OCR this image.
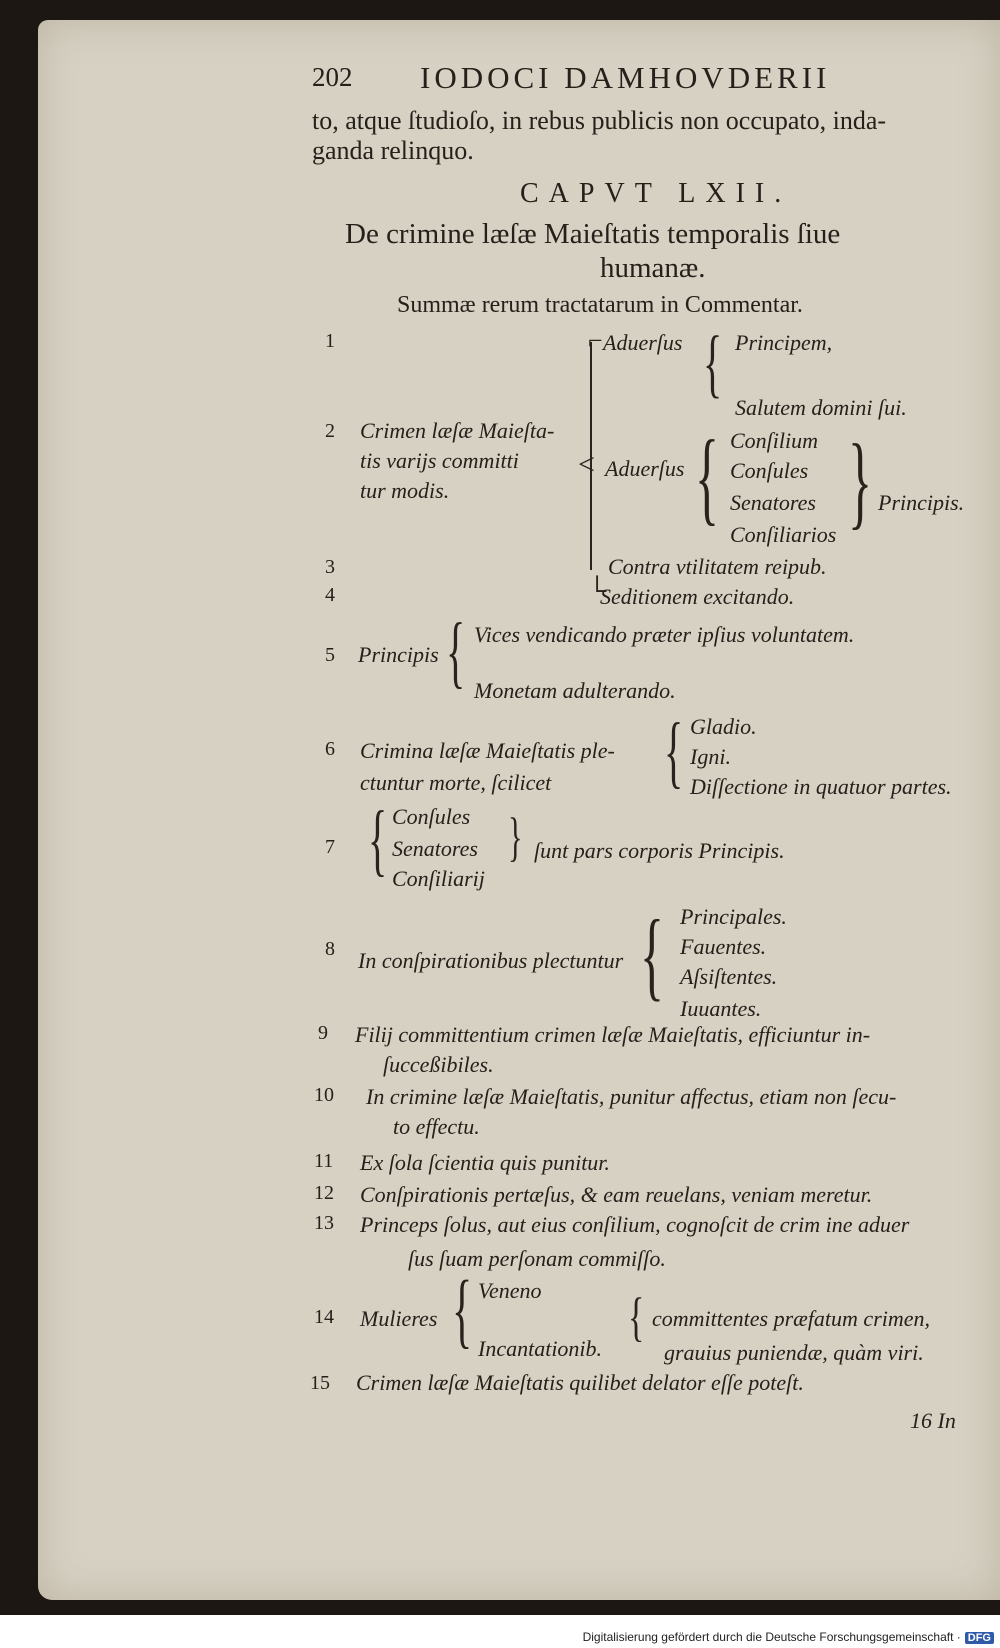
202 IODOCI DAMHOVDERII
to, atque ſtudioſo, in rebus publicis non occupato, inda-
ganda relinquo.
CAPVT LXII.
De crimine læſæ Maieſtatis temporalis ſiue
humanæ.
Summæ rerum tractatarum in Commentar.
1	⌐ Aduerſus { Principem,
Salutem domini ſui.
2 Crimen læſæ Maieſta-
tis varijs committi
tur modis.
< Aduerſus { Conſilium
Conſules
Senatores
Conſiliarios } Principis.
3	Contra vtilitatem reipub.
4	└
Seditionem excitando.
5 Principis { Vices vendicando præter ipſius voluntatem.
Monetam adulterando.
6 Crimina læſæ Maieſtatis ple-
ctuntur morte, ſcilicet	{ Gladio.
Igni.
Diſſectione in quatuor partes.
7 { Conſules
Senatores
Conſiliarij
} ſunt pars corporis Principis.
8 In conſpirationibus plectuntur { Principales.
Fauentes.
Aſsiſtentes.
Iuuantes.
9 Filij committentium crimen læſæ Maieſtatis, efficiuntur in-
ſucceßibiles.
10 In crimine læſæ Maieſtatis, punitur affectus, etiam non ſecu-
to effectu.
11 Ex ſola ſcientia quis punitur.
12 Conſpirationis pertæſus, & eam reuelans, veniam meretur.
13 Princeps ſolus, aut eius conſilium, cognoſcit de crim ine aduer
ſus ſuam perſonam commiſſo.
14 Mulieres { Veneno
Incantationib.
{ committentes præfatum crimen,
grauius puniendæ, quàm viri.
15 Crimen læſæ Maieſtatis quilibet delator eſſe poteſt.
16 In
Digitalisierung gefördert durch die Deutsche Forschungsgemeinschaft · DFG
